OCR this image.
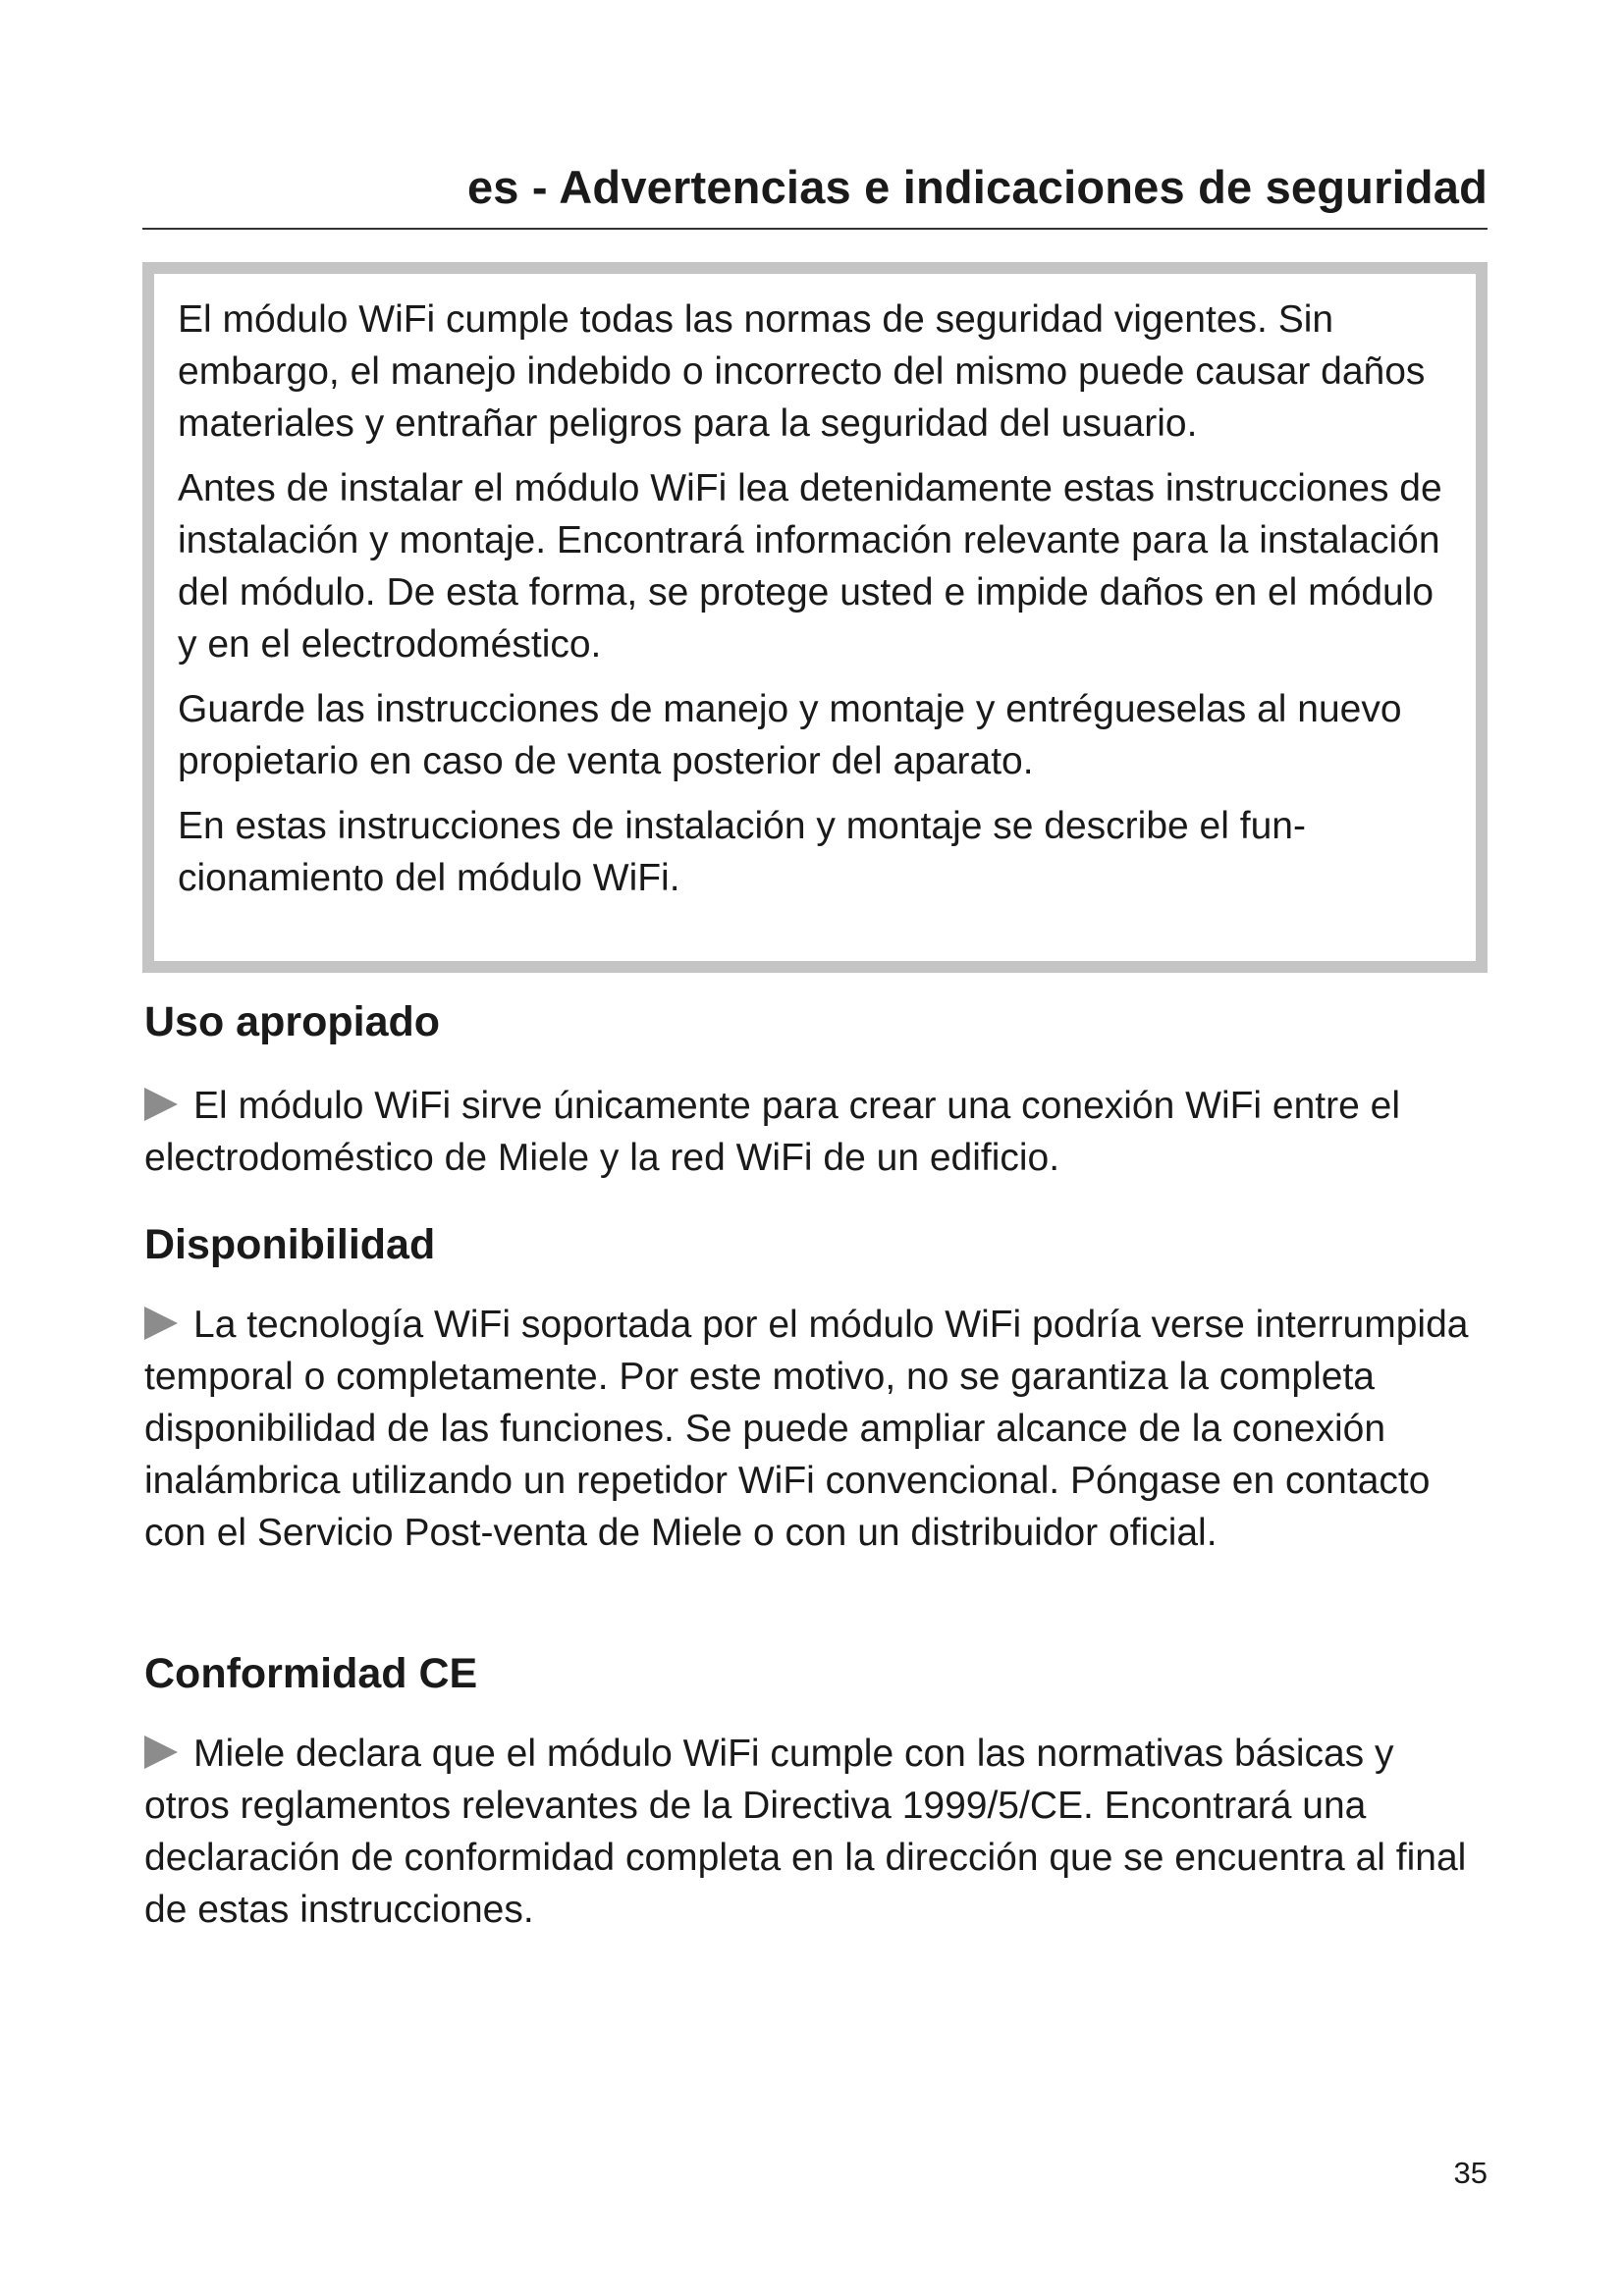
es - Advertencias e indicaciones de seguridad

El módulo WiFi cumple todas las normas de seguridad vigentes. Sin embargo, el manejo indebido o incorrecto del mismo puede causar daños materiales y entrañar peligros para la seguridad del usuario.

Antes de instalar el módulo WiFi lea detenidamente estas instrucciones de instalación y montaje. Encontrará información relevante para la instalación del módulo. De esta forma, se protege usted e impide daños en el módulo y en el electrodoméstico.

Guarde las instrucciones de manejo y montaje y entrégueselas al nuevo propietario en caso de venta posterior del aparato.

En estas instrucciones de instalación y montaje se describe el funcionamiento del módulo WiFi.

Uso apropiado

El módulo WiFi sirve únicamente para crear una conexión WiFi entre el electrodoméstico de Miele y la red WiFi de un edificio.

Disponibilidad

La tecnología WiFi soportada por el módulo WiFi podría verse interrumpida temporal o completamente. Por este motivo, no se garantiza la completa disponibilidad de las funciones. Se puede ampliar alcance de la conexión inalámbrica utilizando un repetidor WiFi convencional. Póngase en contacto con el Servicio Post-venta de Miele o con un distribuidor oficial.

Conformidad CE

Miele declara que el módulo WiFi cumple con las normativas básicas y otros reglamentos relevantes de la Directiva 1999/5/CE. Encontrará una declaración de conformidad completa en la dirección que se encuentra al final de estas instrucciones.

35
